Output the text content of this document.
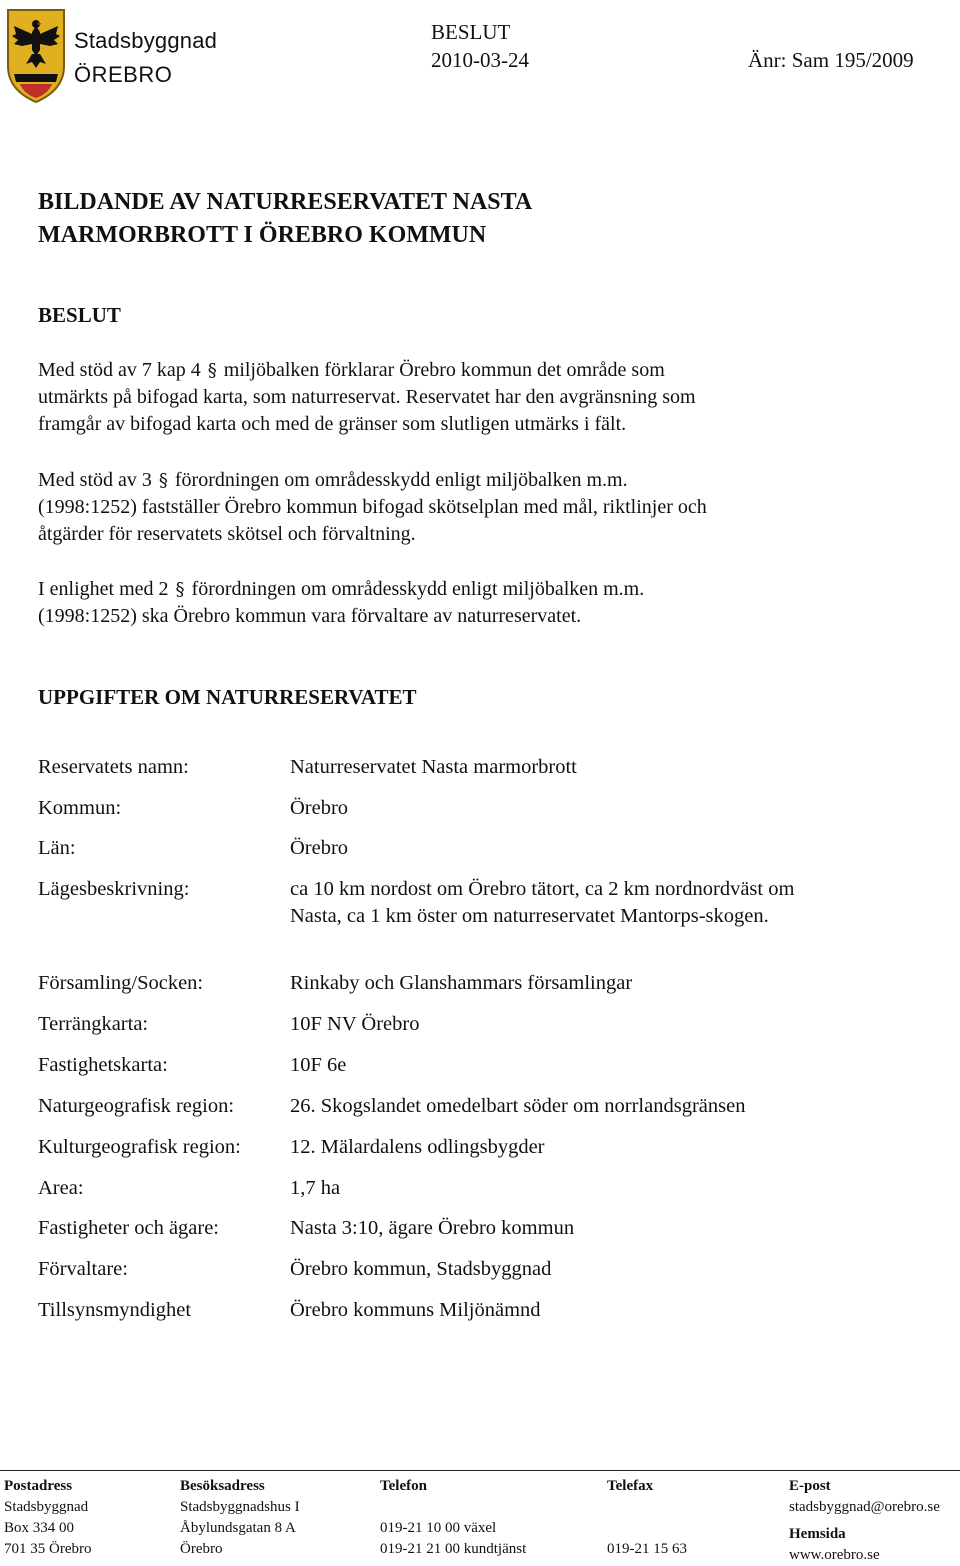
Stadsbyggnad
ÖREBRO
BESLUT
2010-03-24	Änr: Sam 195/2009
BILDANDE AV NATURRESERVATET NASTA
MARMORBROTT I ÖREBRO KOMMUN
BESLUT
Med stöd av 7 kap 4 § miljöbalken förklarar Örebro kommun det område som
utmärkts på bifogad karta, som naturreservat. Reservatet har den avgränsning som
framgår av bifogad karta och med de gränser som slutligen utmärks i fält.
Med stöd av 3 § förordningen om områdesskydd enligt miljöbalken m.m.
(1998:1252) fastställer Örebro kommun bifogad skötselplan med mål, riktlinjer och
åtgärder för reservatets skötsel och förvaltning.
I enlighet med 2 § förordningen om områdesskydd enligt miljöbalken m.m.
(1998:1252) ska Örebro kommun vara förvaltare av naturreservatet.
UPPGIFTER OM NATURRESERVATET
Reservatets namn:	Naturreservatet Nasta marmorbrott
Kommun:	Örebro
Län:	Örebro
Lägesbeskrivning:	ca 10 km nordost om Örebro tätort, ca 2 km nordnordväst om Nasta, ca 1 km öster om naturreservatet Mantorps-skogen.
Församling/Socken:	Rinkaby och Glanshammars församlingar
Terrängkarta:	10F NV Örebro
Fastighetskarta:	10F 6e
Naturgeografisk region:	26. Skogslandet omedelbart söder om norrlandsgränsen
Kulturgeografisk region: 12. Mälardalens odlingsbygder
Area:	1,7 ha
Fastigheter och ägare:	Nasta 3:10, ägare Örebro kommun
Förvaltare:	Örebro kommun, Stadsbyggnad
Tillsynsmyndighet	Örebro kommuns Miljönämnd
Postadress
Stadsbyggnad
Box 334 00
701 35 Örebro
Besöksadress
Stadsbyggnadshus I
Åbylundsgatan 8 A
Örebro
Telefon
019-21 10 00 växel
019-21 21 00 kundtjänst
Telefax
019-21 15 63
E-post
stadsbyggnad@orebro.se
Hemsida
www.orebro.se
